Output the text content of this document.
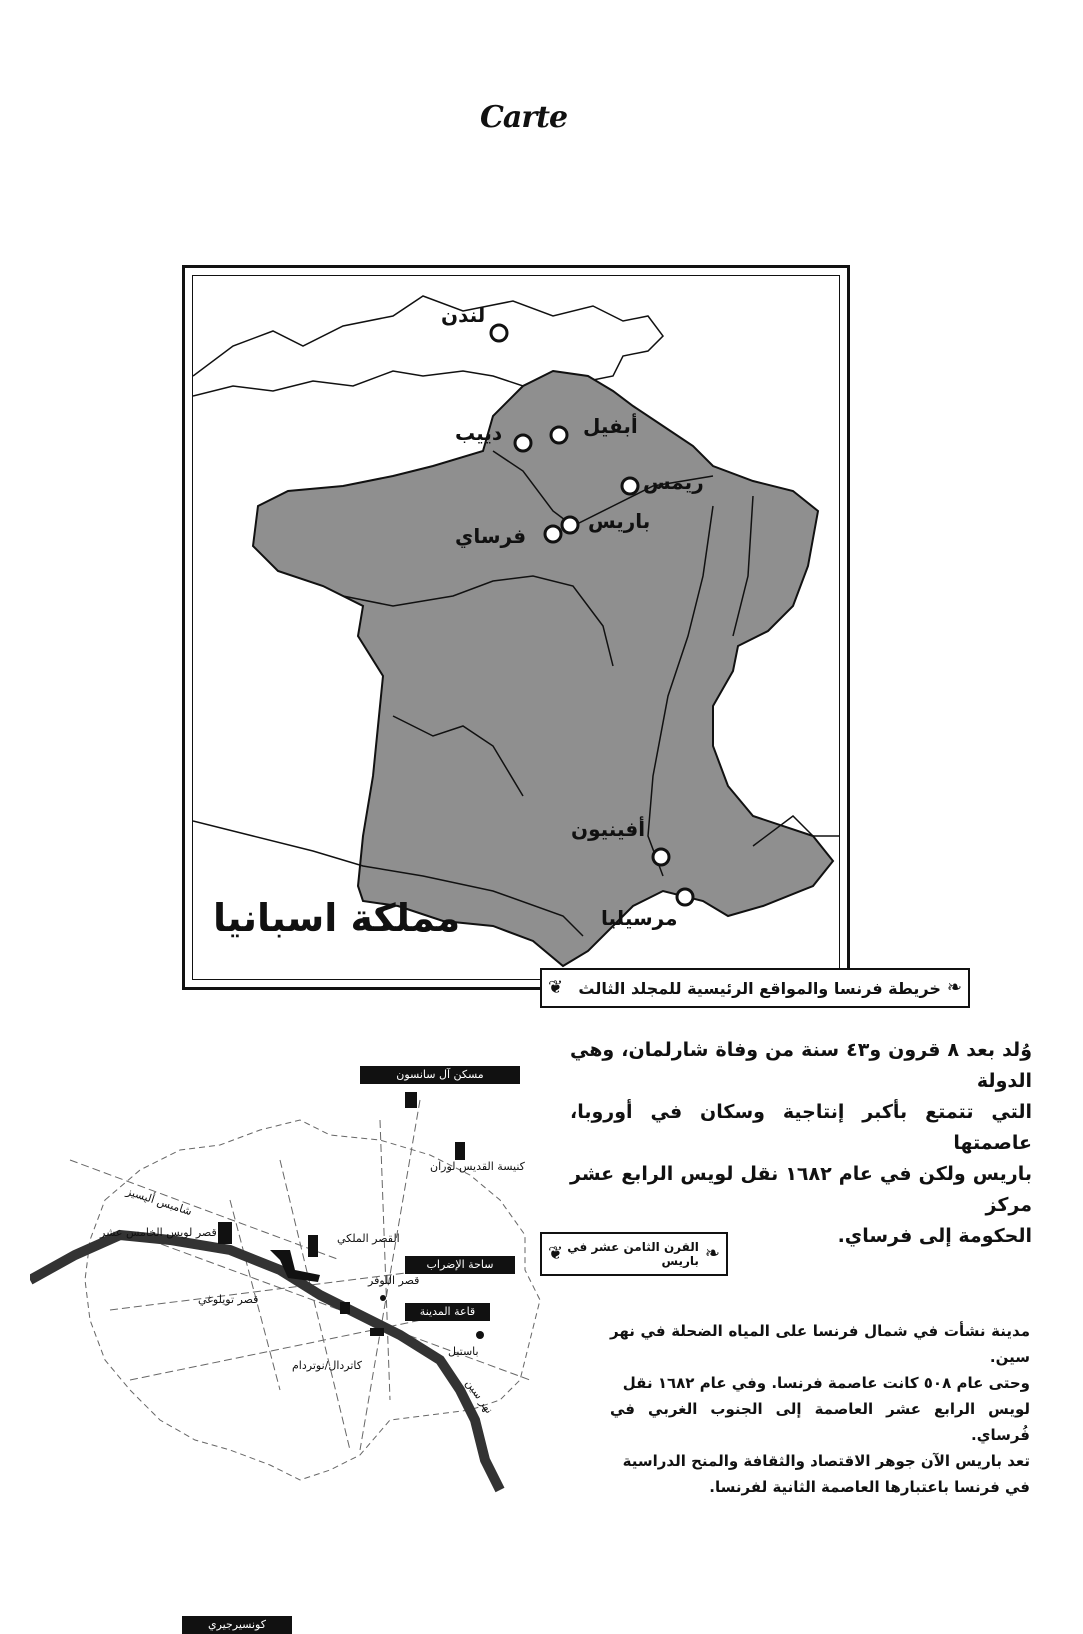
Carte
لندن
أبفيل
دييب
ريمس
باريس
فرساي
أفينيون
مرسيليا
مملكة اسبانيا
❦ خريطة فرنسا والمواقع الرئيسية للمجلد الثالث ❧
وُلد بعد ٨ قرون و٤٣ سنة من وفاة شارلمان، وهي الدولة
التي تتمتع بأكبر إنتاجية وسكان في أوروبا، عاصمتها
باريس ولكن في عام ١٦٨٢ نقل لويس الرابع عشر مركز
الحكومة إلى فرساي.
❦ القرن الثامن عشر في باريس ❧
مسكن آل سانسون
ساحة الإضراب
قاعة المدينة
كونسيرجيري
كنيسة القديس لوران
شامبس أليسيز
قصر لويس الخامس عشر	القصر الملكي
قصر اللوفر
قصر تويلوغي
كاتردال/نوتردام
باستيل
نهر سين
مدينة نشأت في شمال فرنسا على المياه الضحلة في نهر سين.
وحتى عام ٥٠٨ كانت عاصمة فرنسا. وفي عام ١٦٨٢ نقل
لويس الرابع عشر العاصمة إلى الجنوب الغربي في فُرساي.
تعد باريس الآن جوهر الاقتصاد والثقافة والمنح الدراسية
في فرنسا باعتبارها العاصمة الثانية لفرنسا.
